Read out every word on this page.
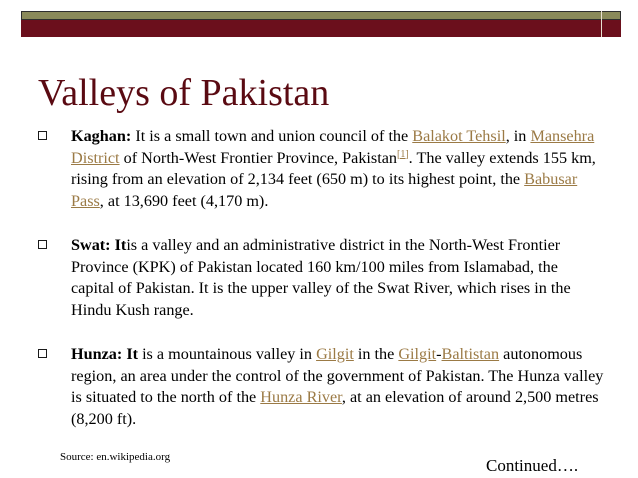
Valleys of Pakistan
Kaghan: It is a small town and union council of the Balakot Tehsil, in Mansehra District of North-West Frontier Province, Pakistan[1]. The valley extends 155 km, rising from an elevation of 2,134 feet (650 m) to its highest point, the Babusar Pass, at 13,690 feet (4,170 m).
Swat: Itis a valley and an administrative district in the North-West Frontier Province (KPK) of Pakistan located 160 km/100 miles from Islamabad, the capital of Pakistan. It is the upper valley of the Swat River, which rises in the Hindu Kush range.
Hunza: It is a mountainous valley in Gilgit in the Gilgit-Baltistan autonomous region, an area under the control of the government of Pakistan. The Hunza valley is situated to the north of the Hunza River, at an elevation of around 2,500 metres (8,200 ft).
Source: en.wikipedia.org	Continued….
